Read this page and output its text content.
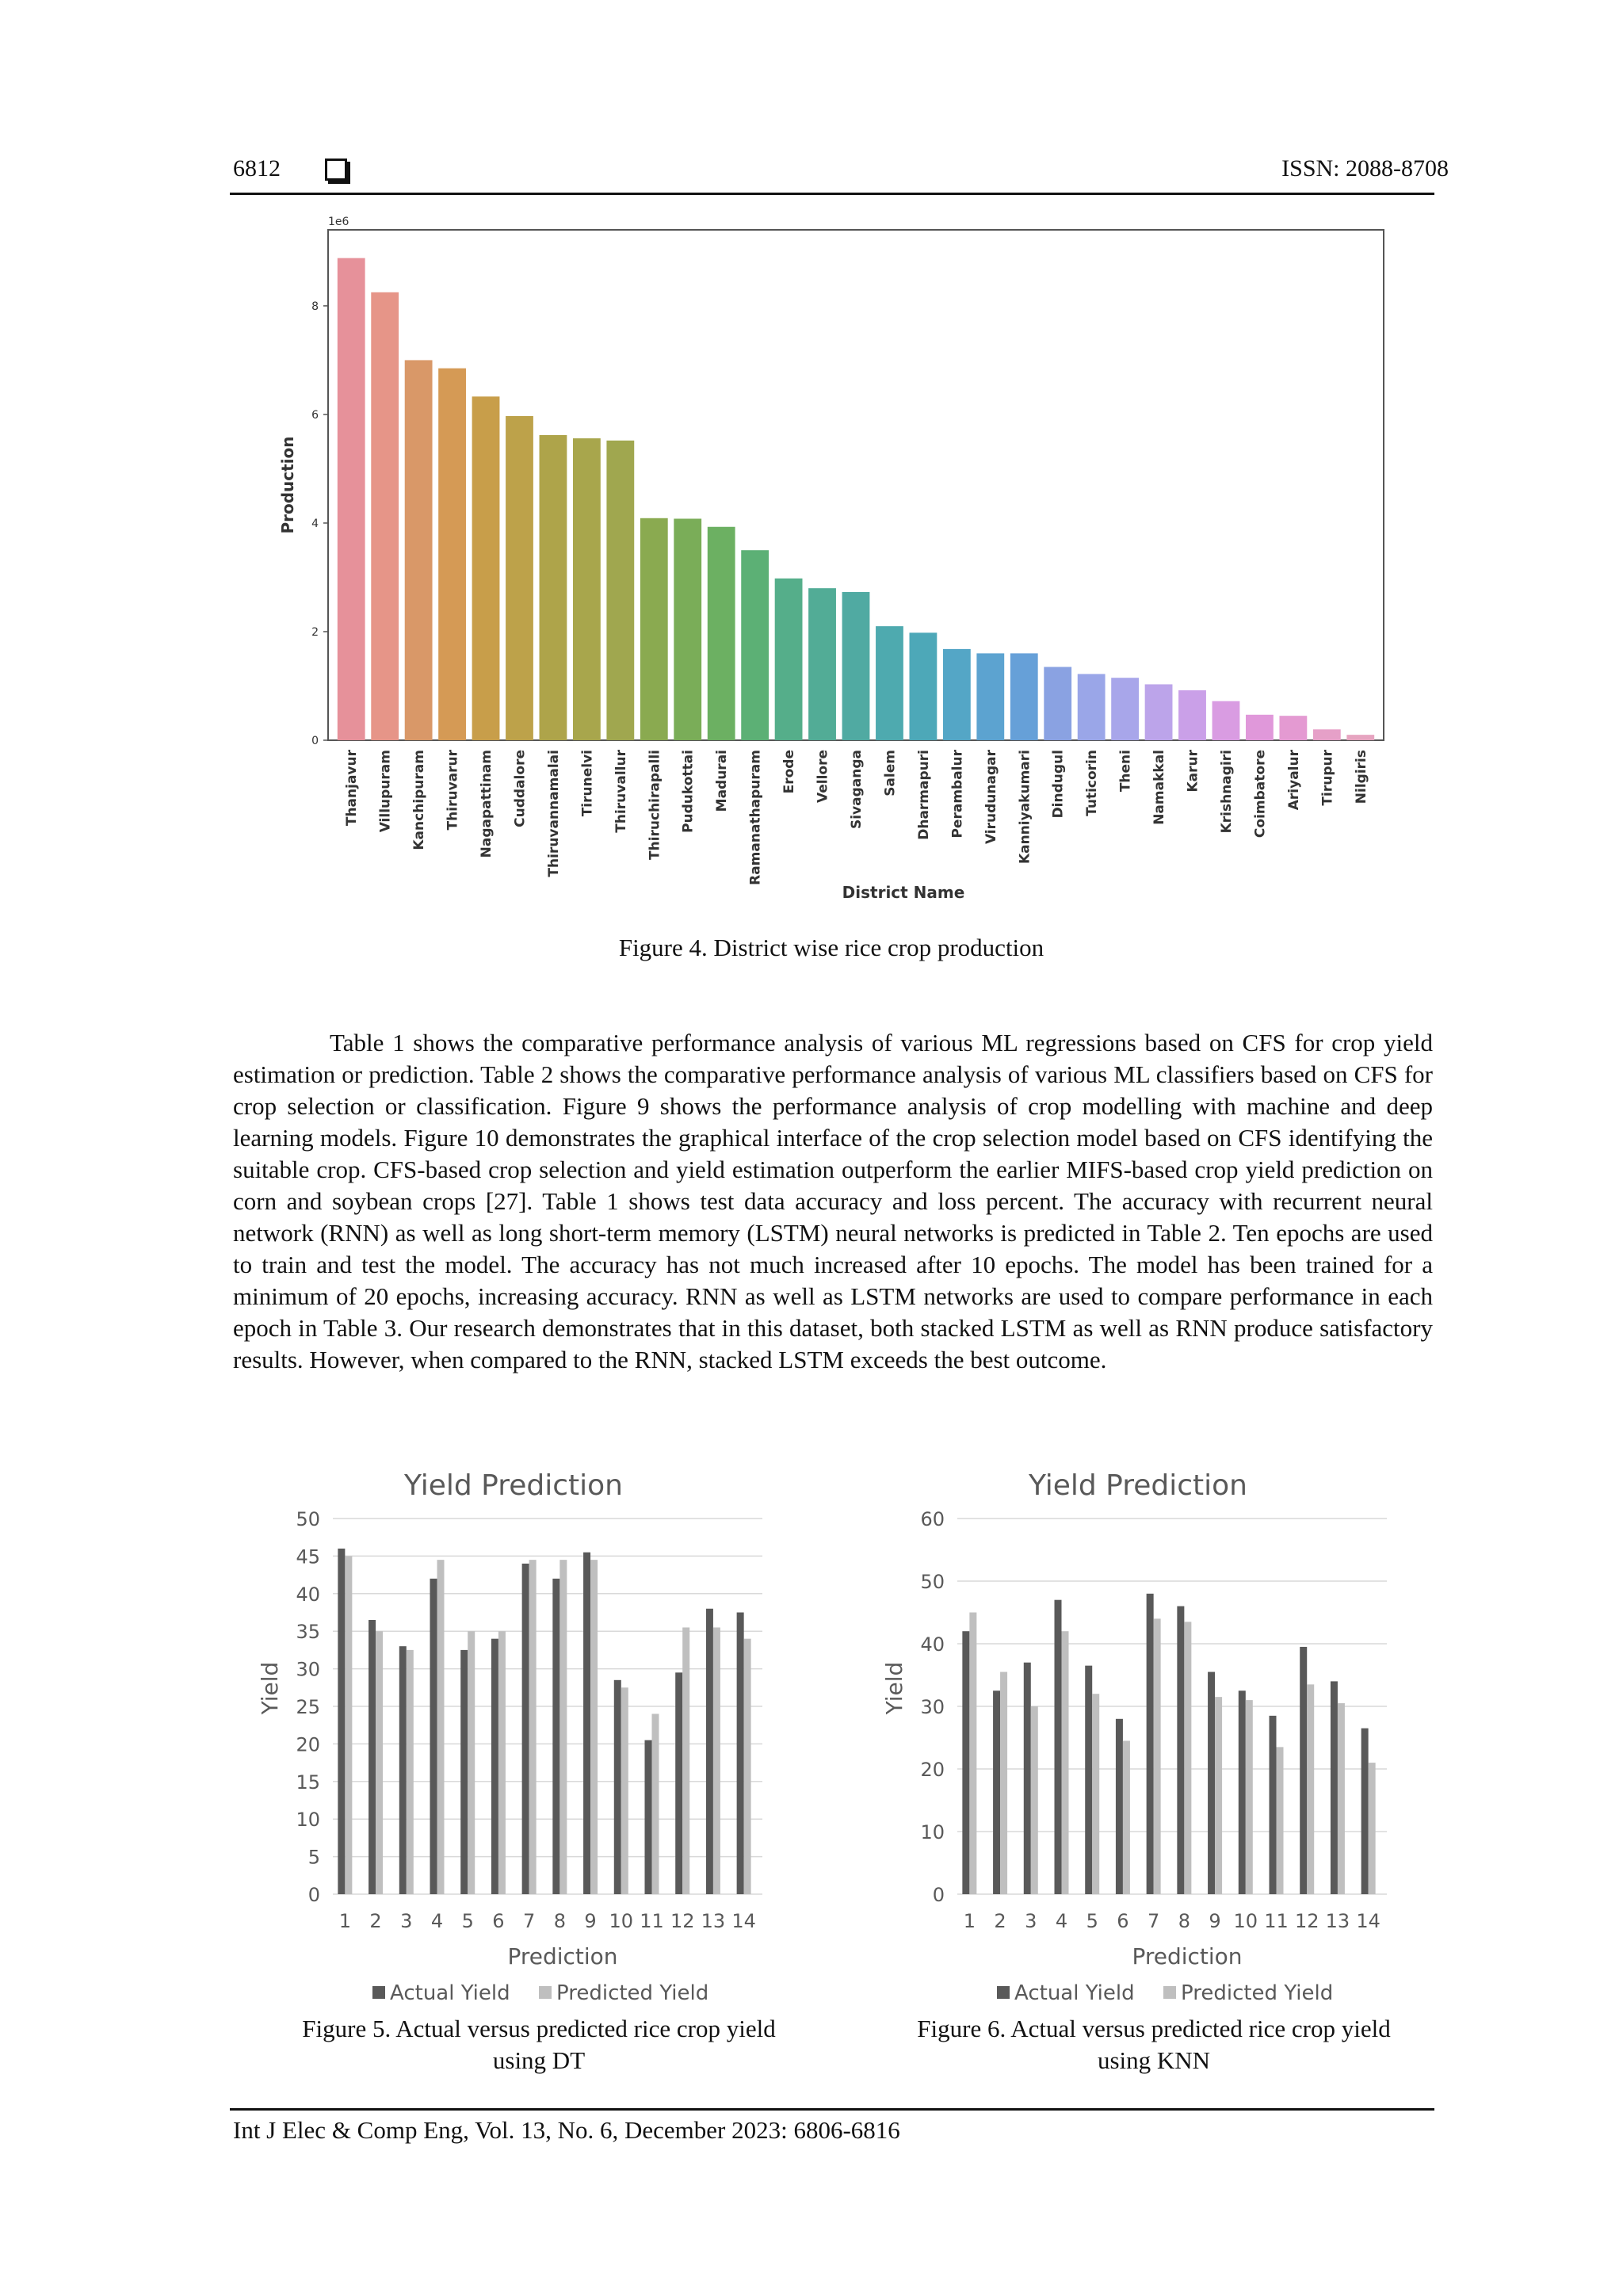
6812	ISSN: 2088-8708
1e6
Production
District Name
0
2
4
6
8
Thanjavur Villupuram Kanchipuram Thiruvarur Nagapattinam Cuddalore Thiruvannamalai Tirunelvi Thiruvallur Thiruchirapalli Pudukottai Madurai Ramanathapuram Erode Vellore Sivaganga Salem Dharmapuri Perambalur Virudunagar Kanniyakumari Dindugul Tuticorin Theni Namakkal Karur Krishnagiri Coimbatore Ariyalur Tirupur Nilgiris
Figure 4. District wise rice crop production

Table 1 shows the comparative performance analysis of various ML regressions based on CFS for crop yield estimation or prediction. Table 2 shows the comparative performance analysis of various ML classifiers based on CFS for crop selection or classification. Figure 9 shows the performance analysis of crop modelling with machine and deep learning models. Figure 10 demonstrates the graphical interface of the crop selection model based on CFS identifying the suitable crop. CFS-based crop selection and yield estimation outperform the earlier MIFS-based crop yield prediction on corn and soybean crops [27]. Table 1 shows test data accuracy and loss percent. The accuracy with recurrent neural network (RNN) as well as long short-term memory (LSTM) neural networks is predicted in Table 2. Ten epochs are used to train and test the model. The accuracy has not much increased after 10 epochs. The model has been trained for a minimum of 20 epochs, increasing accuracy. RNN as well as LSTM networks are used to compare performance in each epoch in Table 3. Our research demonstrates that in this dataset, both stacked LSTM as well as RNN produce satisfactory results. However, when compared to the RNN, stacked LSTM exceeds the best outcome.

Yield Prediction
Yield
Prediction
0
5
10
15
20
25
30
35
40
45
50
1 2 3 4 5 6 7 8 9 10 11 12 13 14
Actual Yield Predicted Yield
Yield Prediction
Yield
Prediction
0
10
20
30
40
50
60
1 2 3 4 5 6 7 8 9 10 11 12 13 14
Actual Yield Predicted Yield
Figure 5. Actual versus predicted rice crop yield
using DT
Figure 6. Actual versus predicted rice crop yield
using KNN
Int J Elec & Comp Eng, Vol. 13, No. 6, December 2023: 6806-6816
